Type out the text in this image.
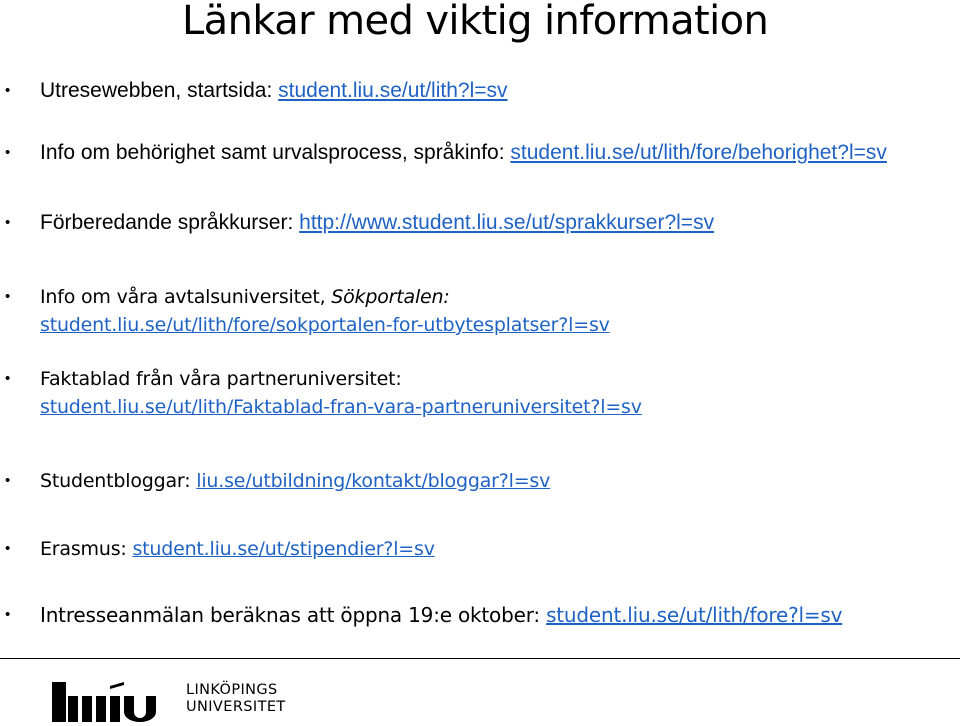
Länkar med viktig information
• Utresewebben, startsida: student.liu.se/ut/lith?l=sv
• Info om behörighet samt urvalsprocess, språkinfo: student.liu.se/ut/lith/fore/behorighet?l=sv
• Förberedande språkkurser: http://www.student.liu.se/ut/sprakkurser?l=sv
• Info om våra avtalsuniversitet, Sökportalen:
student.liu.se/ut/lith/fore/sokportalen-for-utbytesplatser?l=sv
• Faktablad från våra partneruniversitet:
student.liu.se/ut/lith/Faktablad-fran-vara-partneruniversitet?l=sv
• Studentbloggar: liu.se/utbildning/kontakt/bloggar?l=sv
• Erasmus: student.liu.se/ut/stipendier?l=sv
• Intresseanmälan beräknas att öppna 19:e oktober: student.liu.se/ut/lith/fore?l=sv
LINKÖPINGS
UNIVERSITET
